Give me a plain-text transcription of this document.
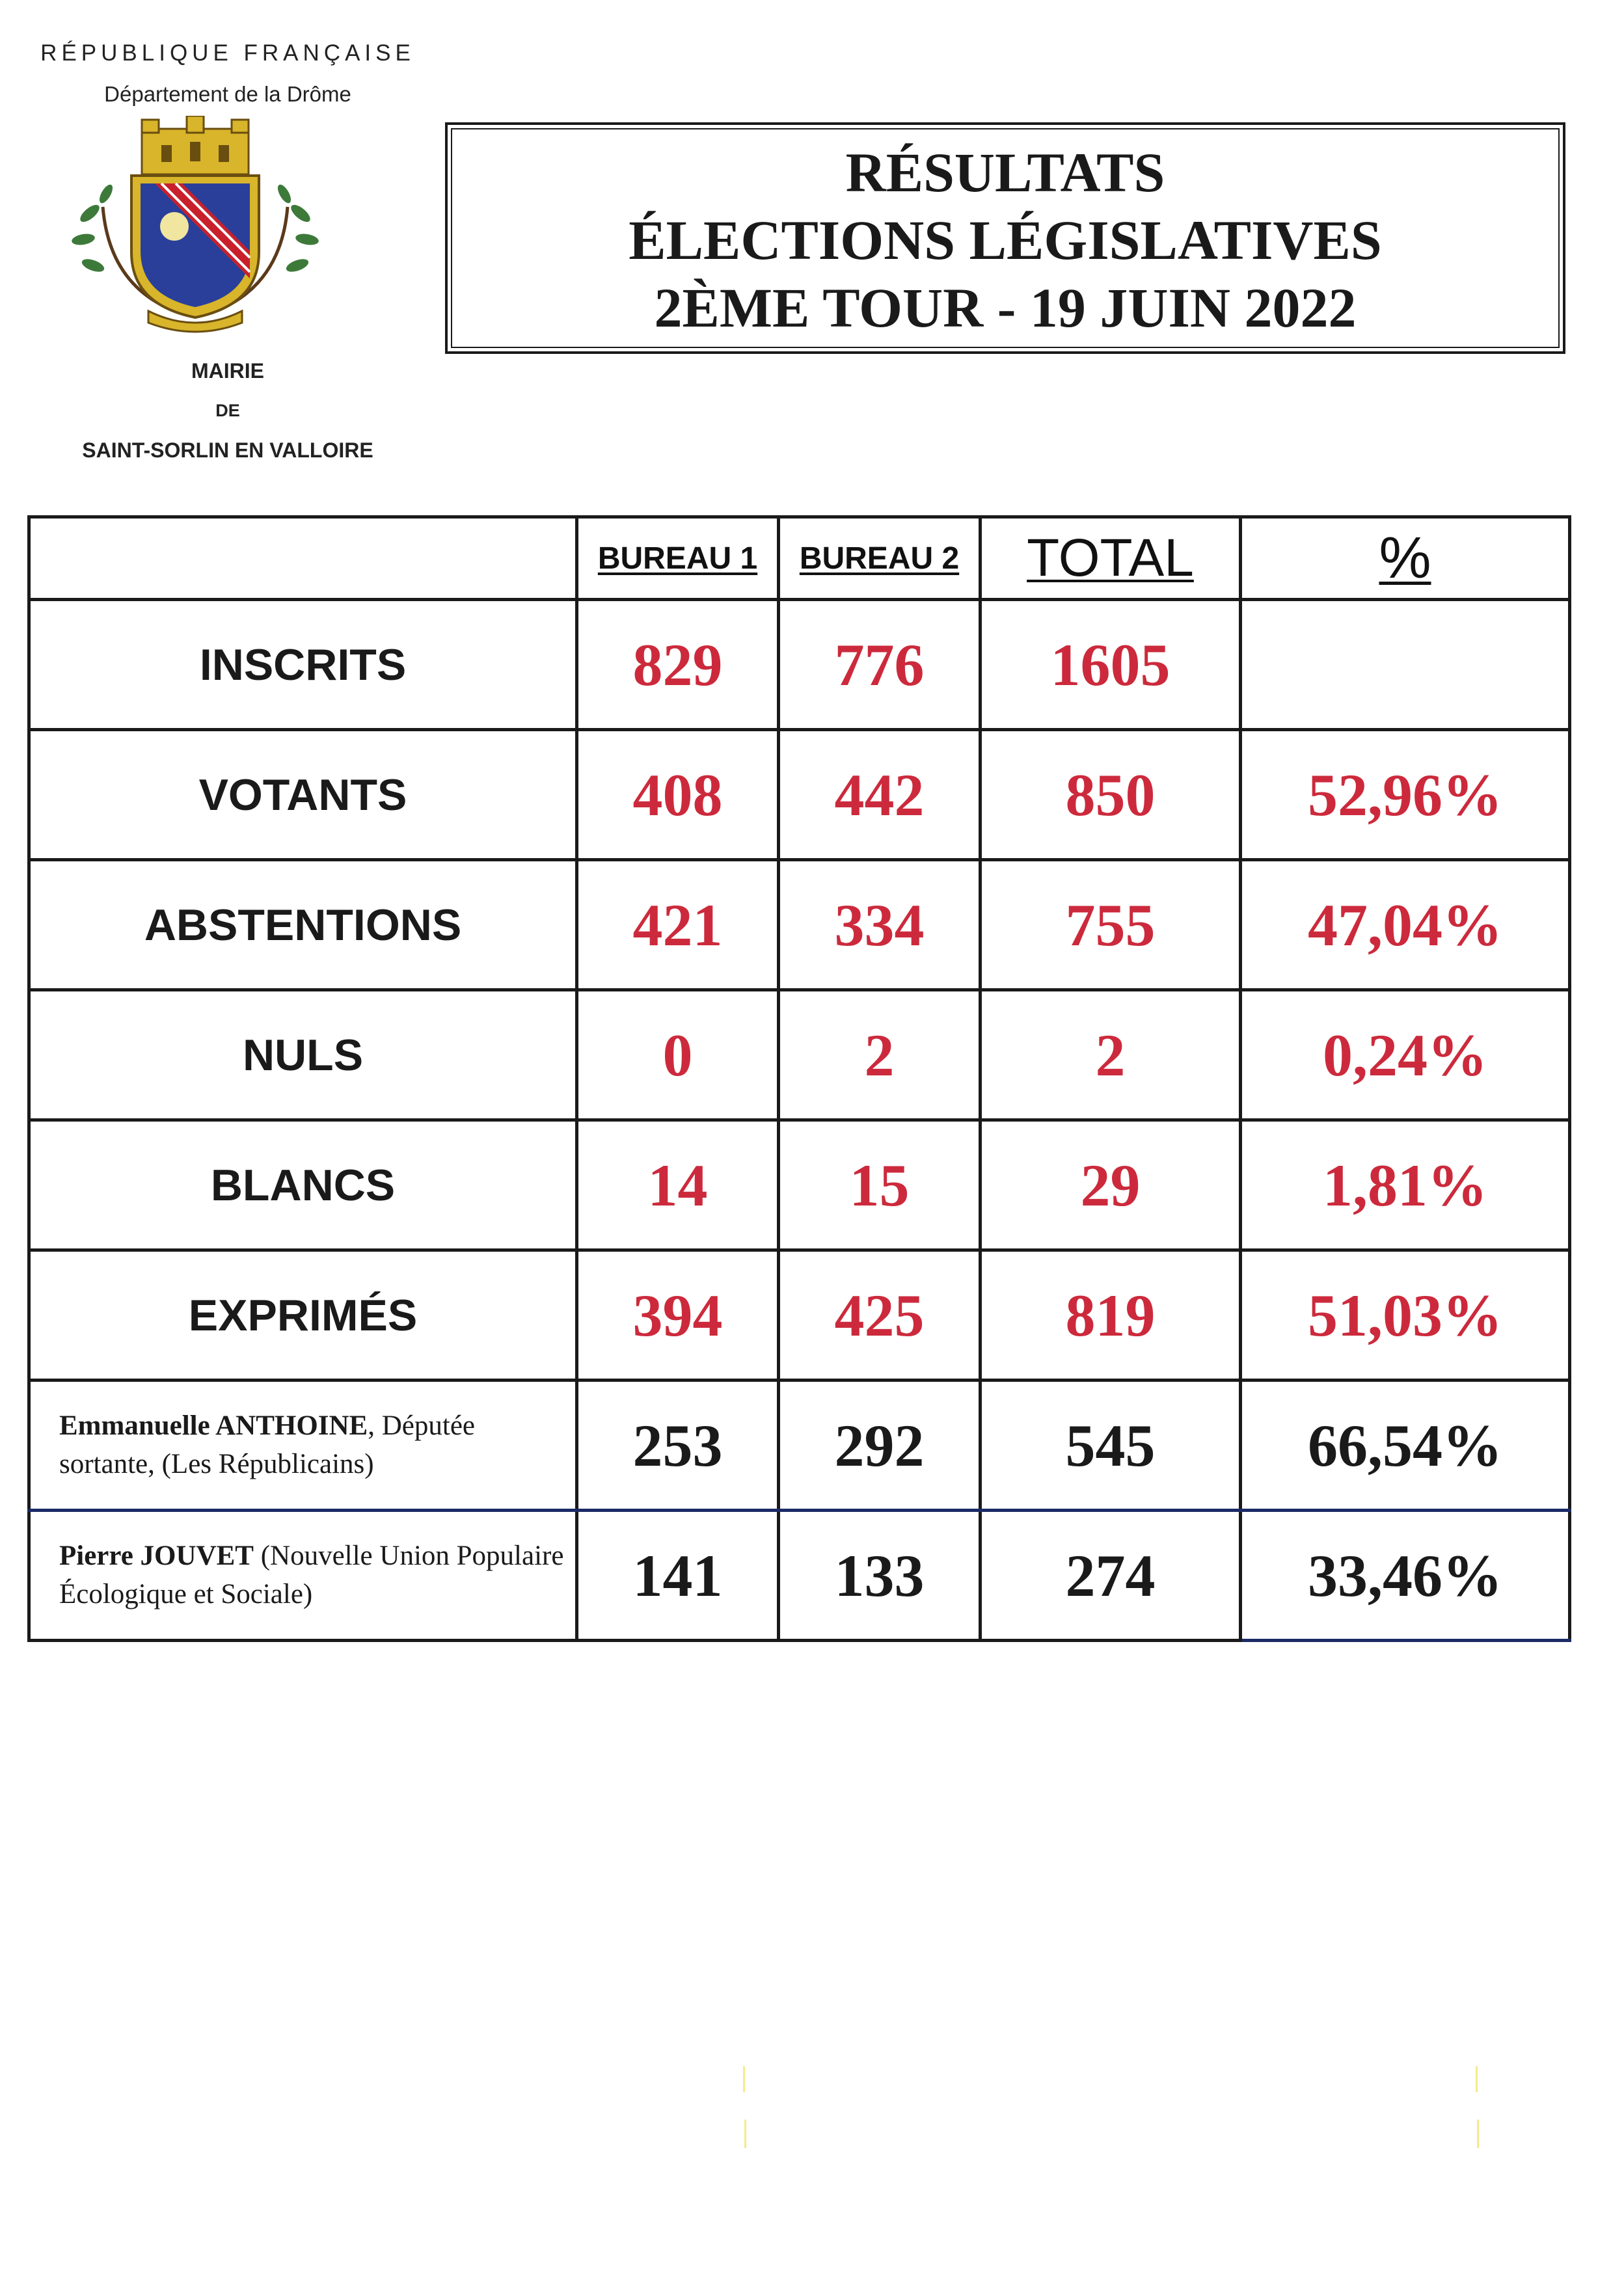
RÉPUBLIQUE FRANÇAISE
Département de la Drôme
MAIRIE
DE
SAINT-SORLIN EN VALLOIRE
RÉSULTATS
ÉLECTIONS LÉGISLATIVES
2ÈME TOUR - 19 JUIN 2022
	BUREAU 1	BUREAU 2	TOTAL	%
INSCRITS	829	776	1605	
VOTANTS	408	442	850	52,96%
ABSTENTIONS	421	334	755	47,04%
NULS	0	2	2	0,24%
BLANCS	14	15	29	1,81%
EXPRIMÉS	394	425	819	51,03%
Emmanuelle ANTHOINE, Députée sortante, (Les Républicains)	253	292	545	66,54%
Pierre JOUVET (Nouvelle Union Populaire Écologique et Sociale)	141	133	274	33,46%
